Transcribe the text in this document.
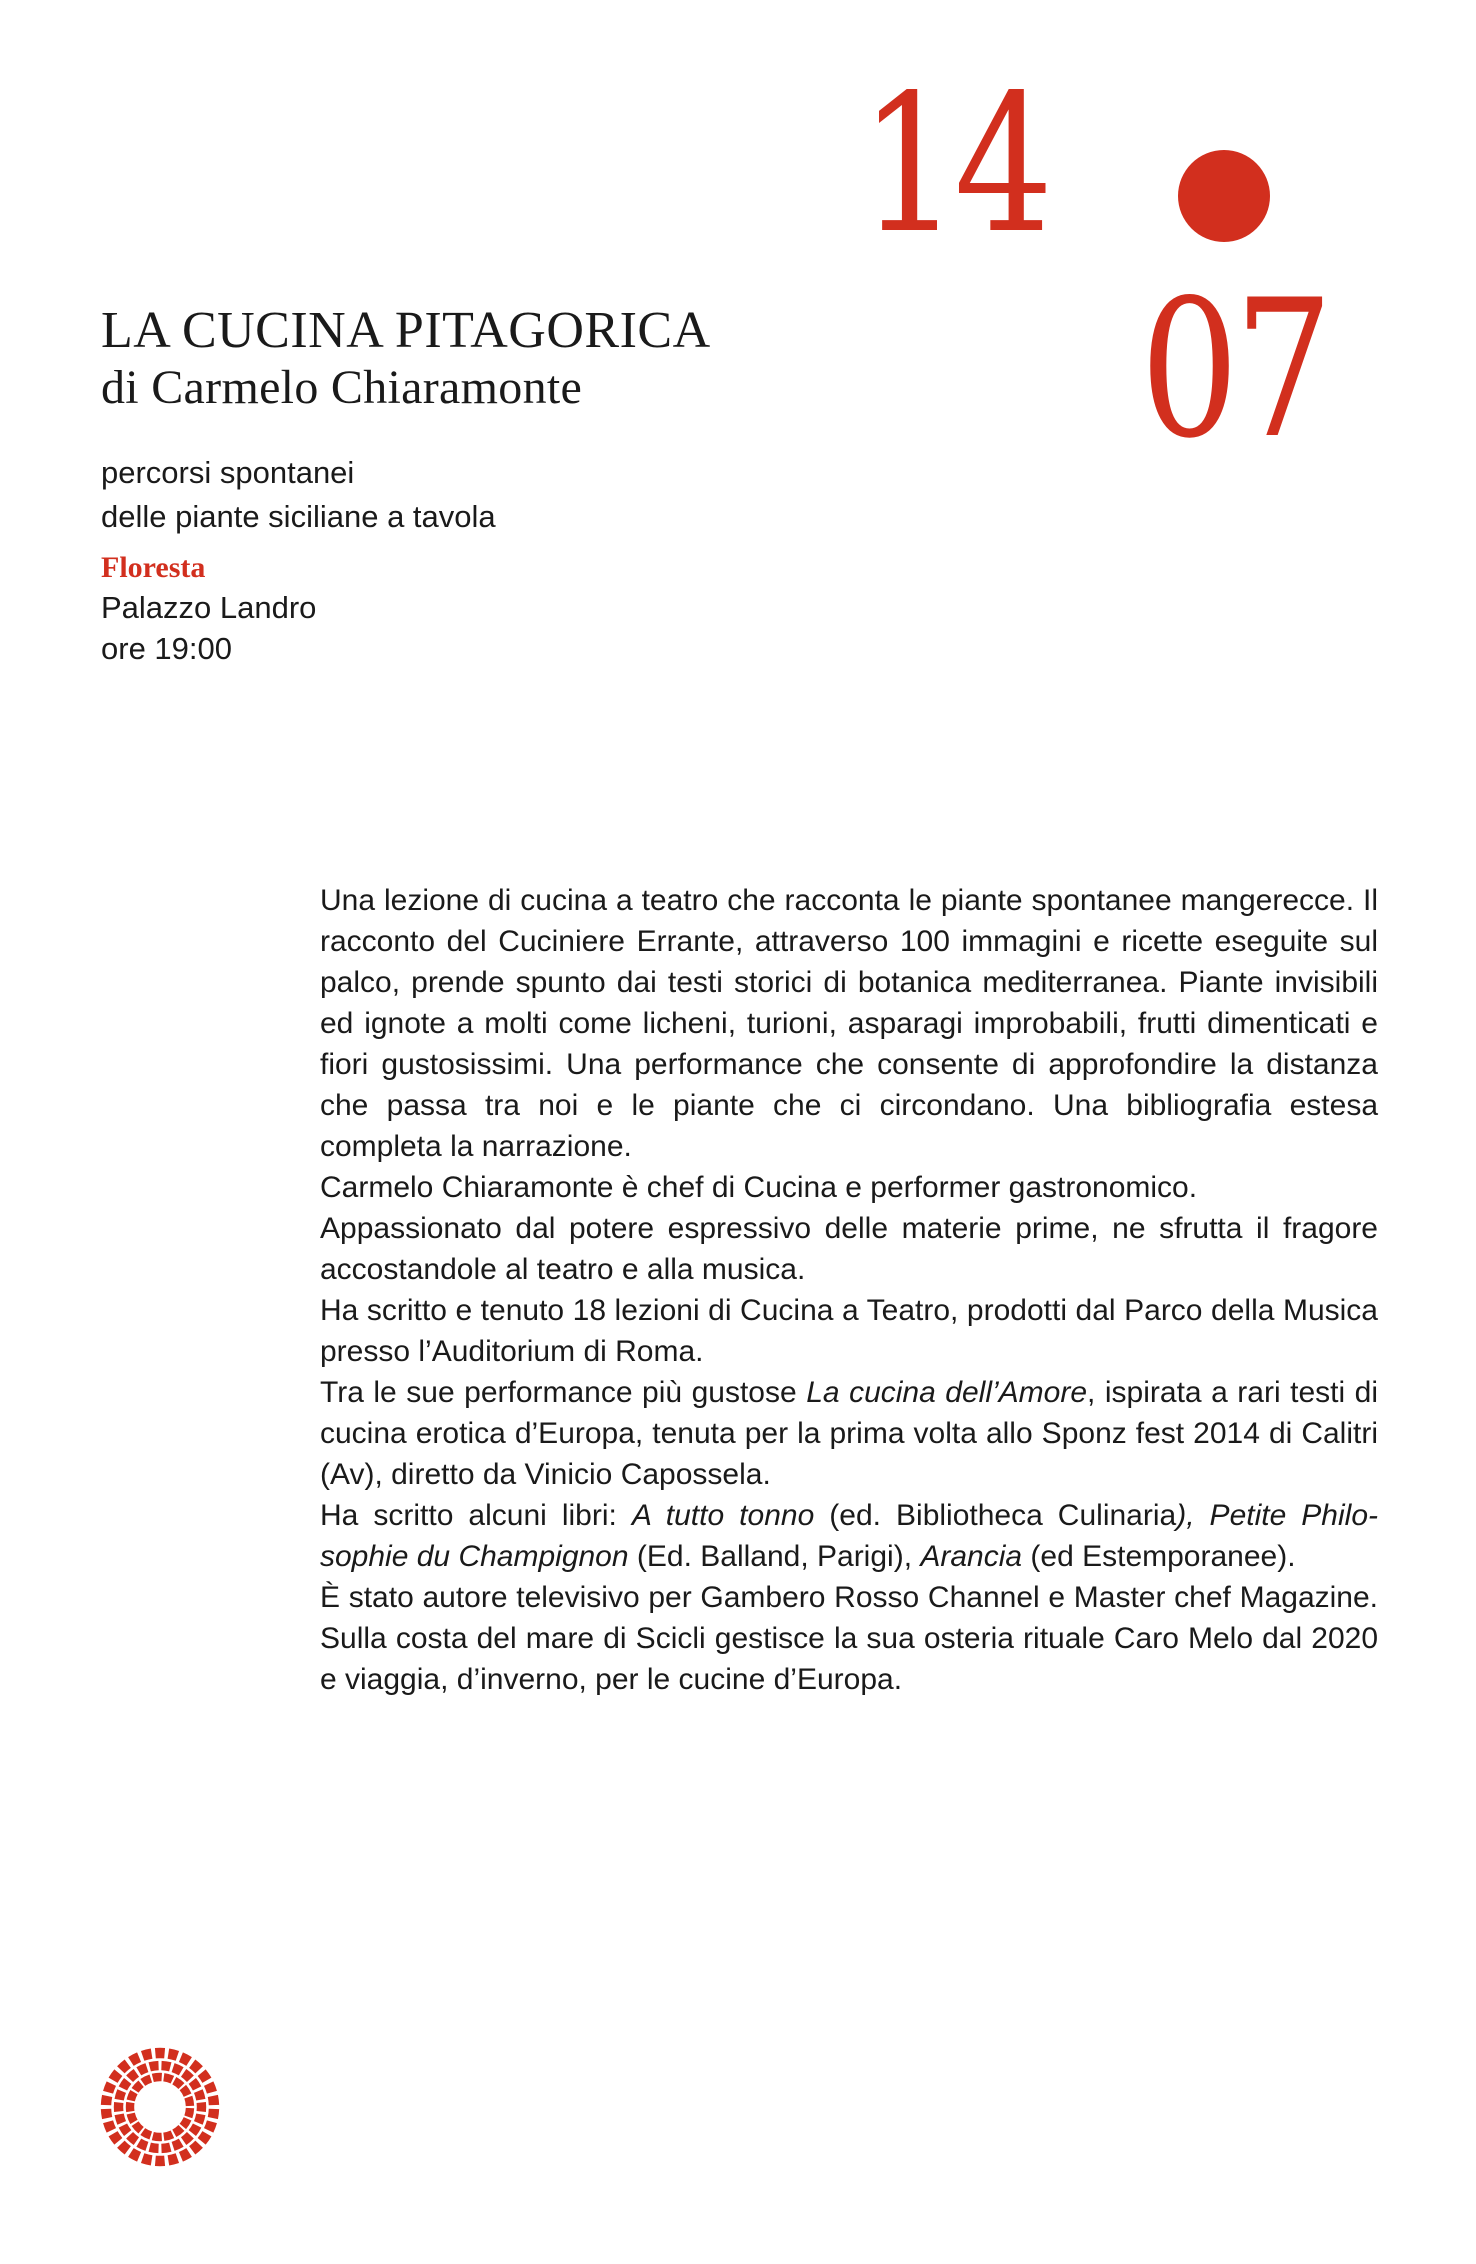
14
07
LA CUCINA PITAGORICA
di Carmelo Chiaramonte
percorsi spontanei
delle piante siciliane a tavola
Floresta
Palazzo Landro
ore 19:00

Una lezione di cucina a teatro che racconta le piante spontanee mangerecce. Il racconto del Cuciniere Errante, attraverso 100 immagini e ricette eseguite sul palco, prende spunto dai testi storici di botanica mediterranea. Piante invisibili ed ignote a molti come licheni, turioni, asparagi improbabili, frutti dimenticati e fiori gustosissimi. Una performance che consente di approfondire la distanza che passa tra noi e le piante che ci circondano. Una bibliografia estesa completa la narrazione.

Carmelo Chiaramonte è chef di Cucina e performer gastronomico.

Appassionato dal potere espressivo delle materie prime, ne sfrutta il fragore accostandole al teatro e alla musica.

Ha scritto e tenuto 18 lezioni di Cucina a Teatro, prodotti dal Parco della Musica presso l’Auditorium di Roma.

Tra le sue performance più gustose La cucina dell’Amore, ispirata a rari testi di cucina erotica d’Europa, tenuta per la prima volta allo Sponz fest 2014 di Calitri (Av), diretto da Vinicio Capossela.

Ha scritto alcuni libri: A tutto tonno (ed. Bibliotheca Culinaria), Petite Philosophie du Champignon (Ed. Balland, Parigi), Arancia (ed Estemporanee).

È stato autore televisivo per Gambero Rosso Channel e Master chef Magazine. Sulla costa del mare di Scicli gestisce la sua osteria rituale Caro Melo dal 2020 e viaggia, d’inverno, per le cucine d’Europa.
